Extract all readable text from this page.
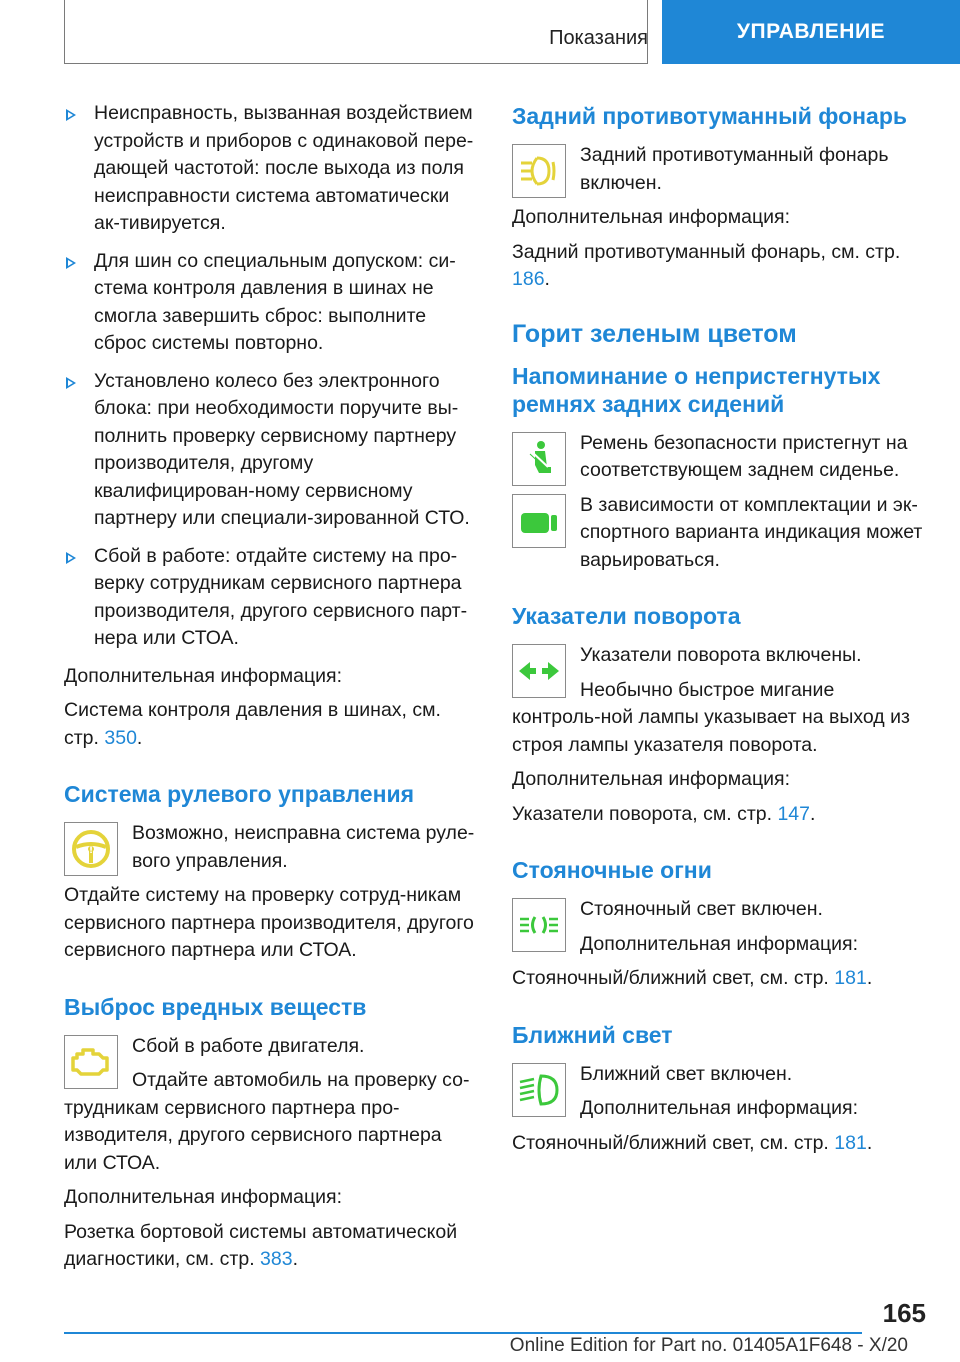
Показания	УПРАВЛЕНИЕ
Неисправность, вызванная воздействием устройств и приборов с одинаковой пере-дающей частотой: после выхода из поля неисправности система автоматически ак-тивируется.
Для шин со специальным допуском: си-стема контроля давления в шинах не смогла завершить сброс: выполните сброс системы повторно.
Установлено колесо без электронного блока: при необходимости поручите вы-полнить проверку сервисному партнеру производителя, другому квалифицирован-ному сервисному партнеру или специали-зированной СТО.
Сбой в работе: отдайте систему на про-верку сотрудникам сервисного партнера производителя, другого сервисного парт-нера или СТОА.

Дополнительная информация:

Система контроля давления в шинах, см. стр. 350.

Система рулевого управления
!

Возможно, неисправна система руле-вого управления.

Отдайте систему на проверку сотруд-никам сервисного партнера производителя, другого сервисного партнера или СТОА.

Выброс вредных веществ

Сбой в работе двигателя.

Отдайте автомобиль на проверку со-трудникам сервисного партнера про-изводителя, другого сервисного партнера или СТОА.

Дополнительная информация:

Розетка бортовой системы автоматической диагностики, см. стр. 383.

Задний противотуманный фонарь

Задний противотуманный фонарь включен.

Дополнительная информация:

Задний противотуманный фонарь, см. стр. 186.

Горит зеленым цветом
Напоминание о непристегнутых ремнях задних сидений

Ремень безопасности пристегнут на соответствующем заднем сиденье.

В зависимости от комплектации и эк-спортного варианта индикация может варьироваться.

Указатели поворота

Указатели поворота включены.

Необычно быстрое мигание контроль-ной лампы указывает на выход из строя лампы указателя поворота.

Дополнительная информация:

Указатели поворота, см. стр. 147.

Стояночные огни

Стояночный свет включен.

Дополнительная информация:

Стояночный/ближний свет, см. стр. 181.

Ближний свет

Ближний свет включен.

Дополнительная информация:

Стояночный/ближний свет, см. стр. 181.

165
Online Edition for Part no. 01405A1F648 - X/20
